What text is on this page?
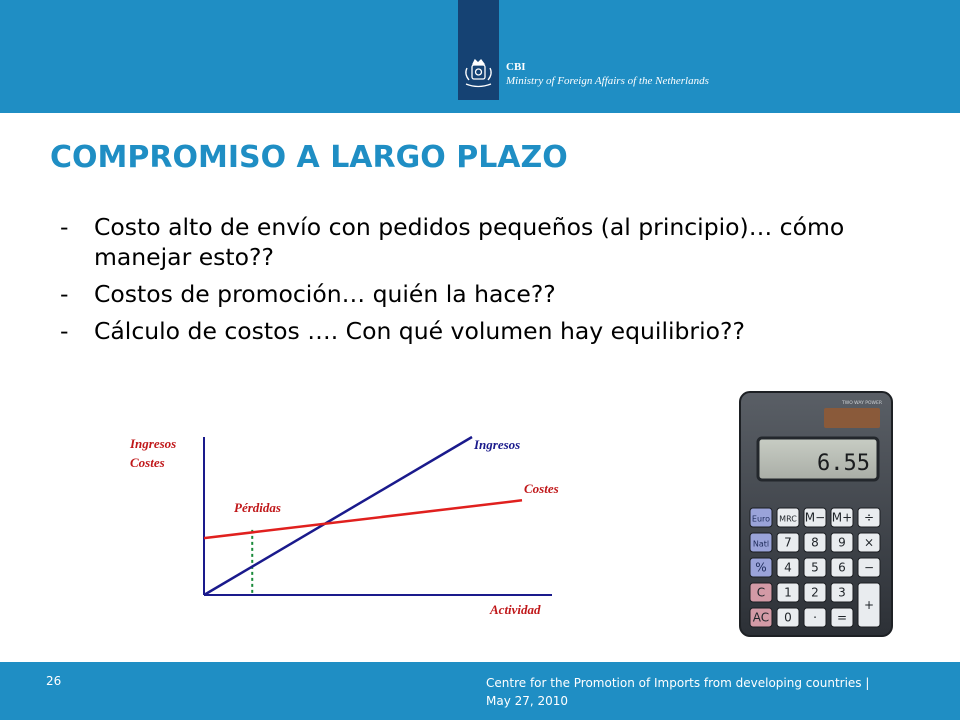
CBI
Ministry of Foreign Affairs of the Netherlands
COMPROMISO A LARGO PLAZO
- Costo alto de envío con pedidos pequeños (al principio)… cómo manejar esto??
- Costos de promoción… quién la hace??
- Cálculo de costos …. Con qué volumen hay equilibrio??
Ingresos
Costes
Actividad
Pérdidas
Ingresos
Costes
TWO WAY POWER
6.55
Euro MRC M− M+ ÷
Natl 7 8 9 ×
% 4 5 6 −
C 1 2 3
+
AC 0 · =
26	Centre for the Promotion of Imports from developing countries | May 27, 2010
